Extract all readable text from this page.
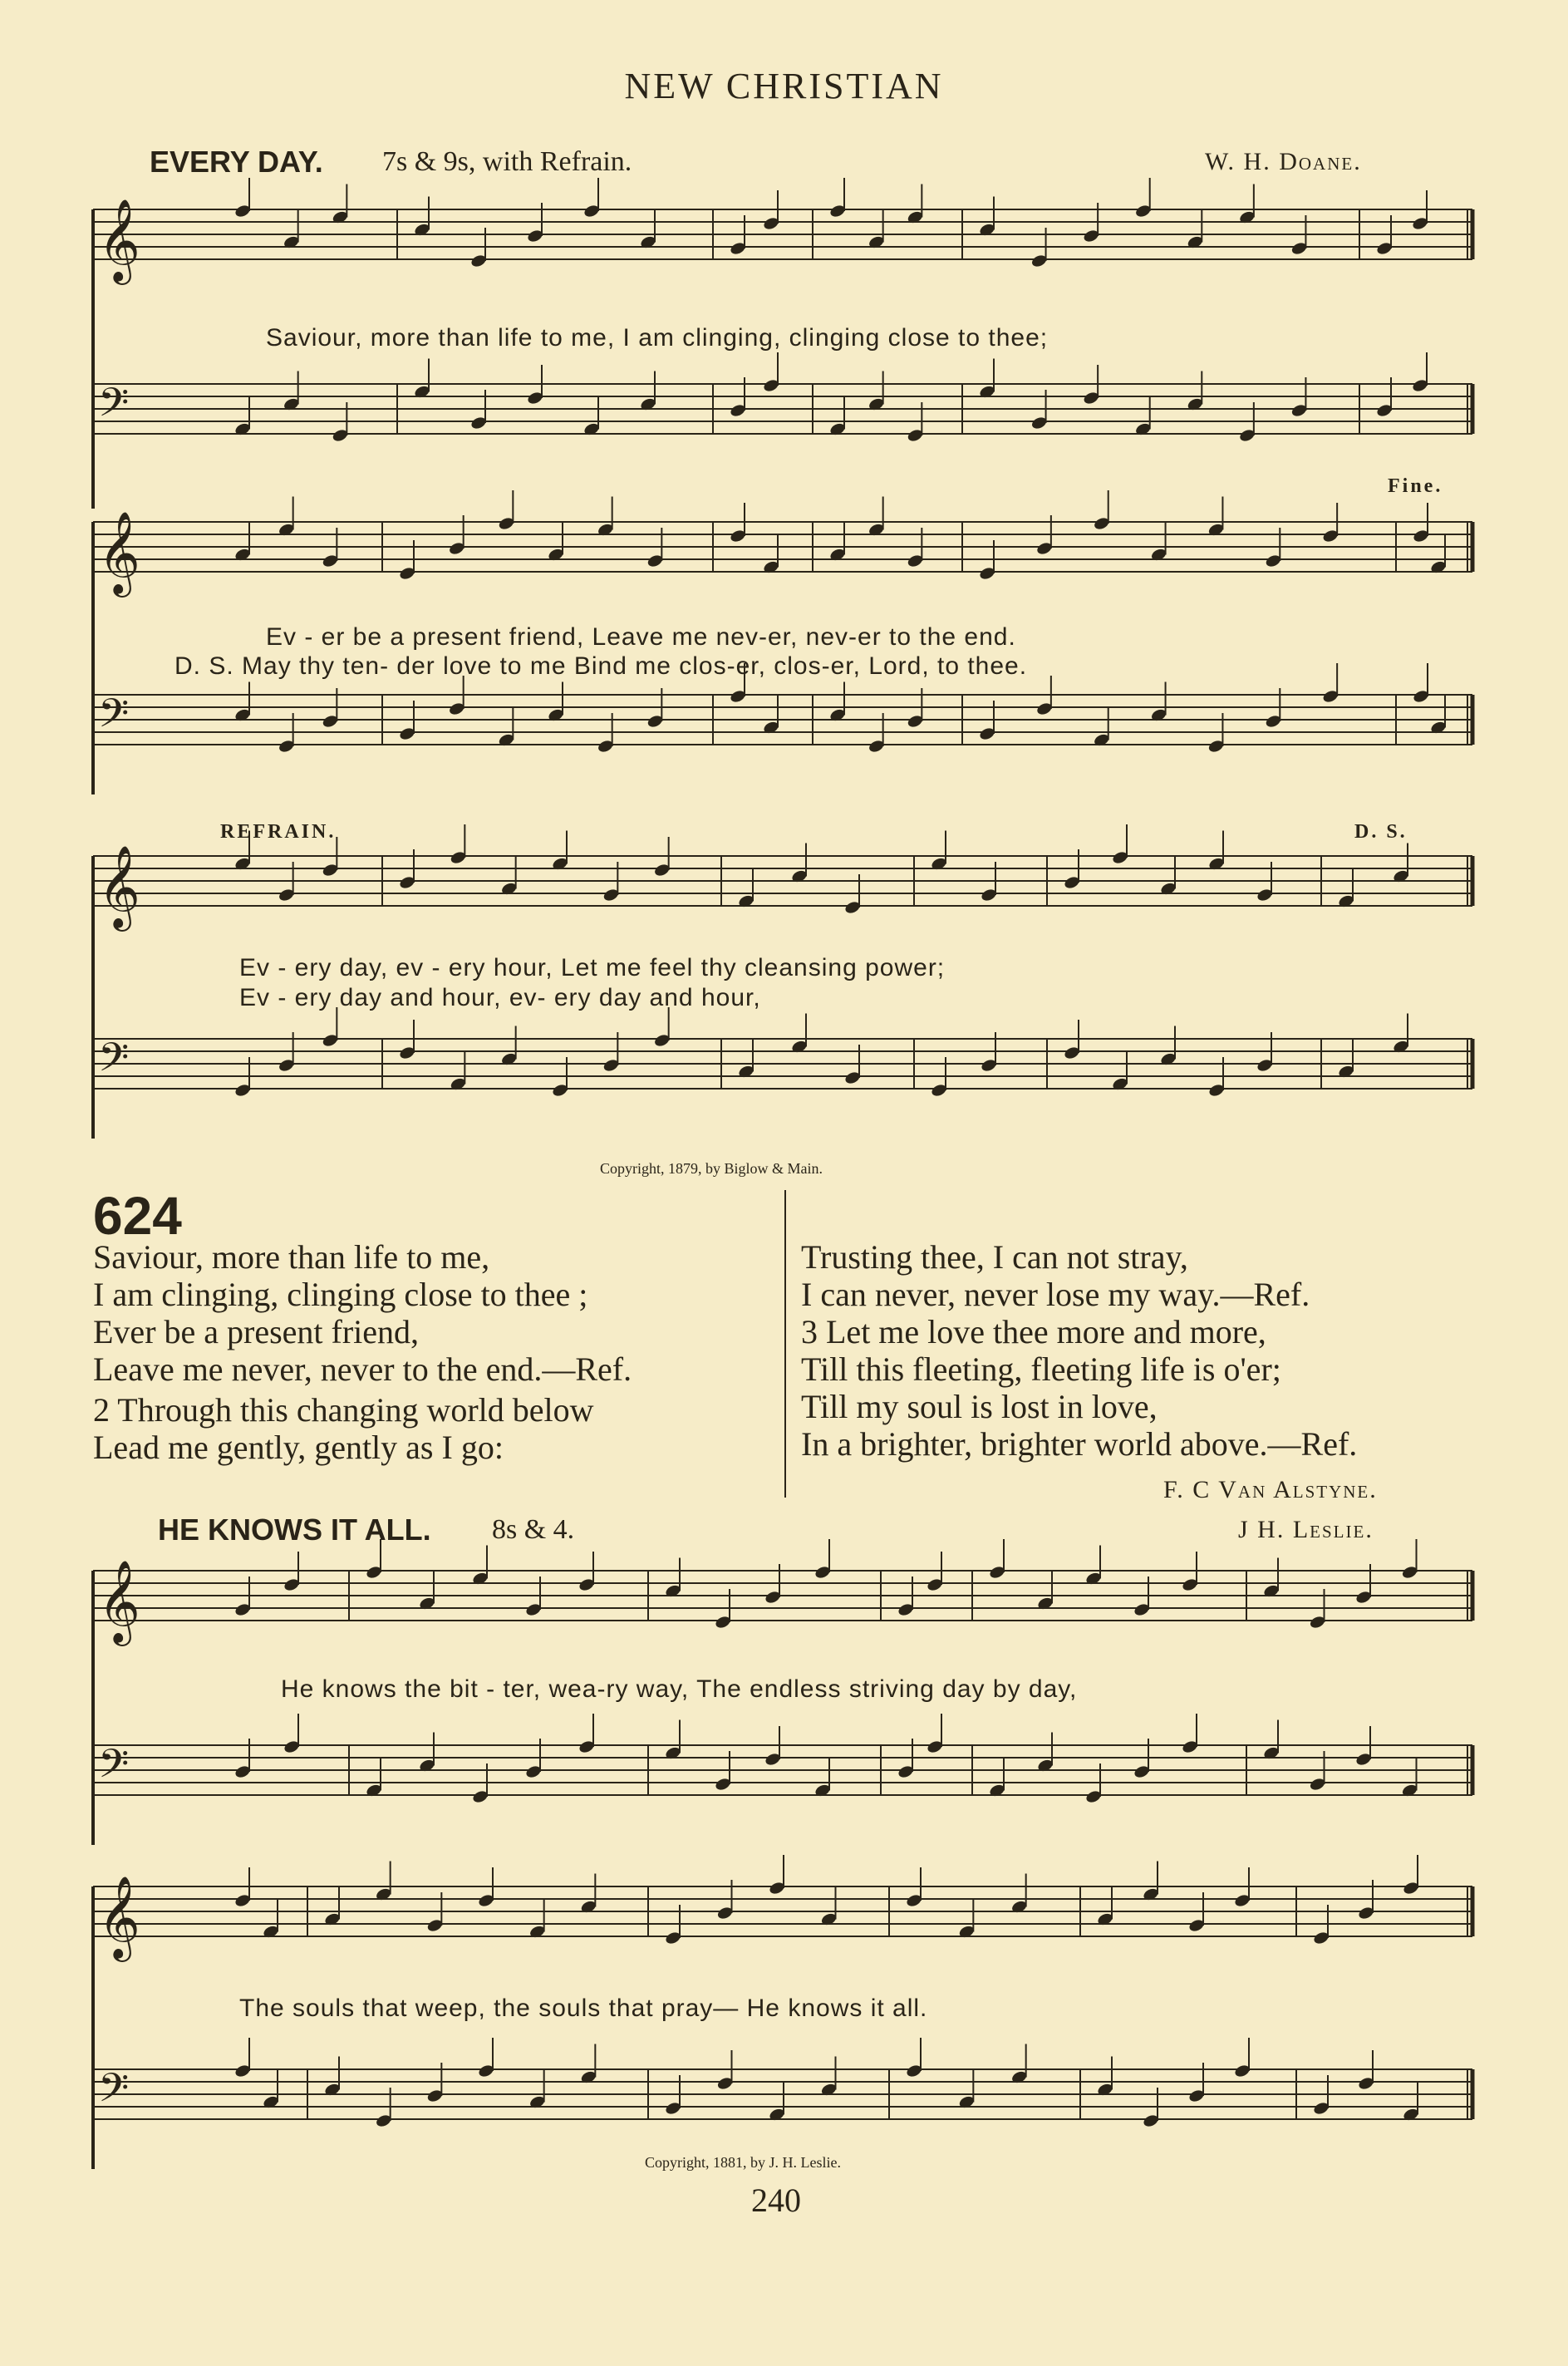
NEW CHRISTIAN
𝄞
𝄢
𝄞
𝄢
𝄞
𝄢
𝄞
𝄢
𝄞
𝄢
EVERY DAY. 7s & 9s, with Refrain.	W. H. Doane.
Saviour, more than life to me, I am clinging, clinging close to thee;
Fine.
Ev - er be a present friend, Leave me nev-er, nev-er to the end.
D. S. May thy ten- der love to me Bind me clos-er, clos-er, Lord, to thee.
REFRAIN.	D. S.
Ev - ery day, ev - ery hour, Let me feel thy cleansing power;
Ev - ery day and hour, ev- ery day and hour,
Copyright, 1879, by Biglow & Main.
624
Saviour, more than life to me,
I am clinging, clinging close to thee ;
Ever be a present friend,
Leave me never, never to the end.—Ref.
2 Through this changing world below
Lead me gently, gently as I go:
Trusting thee, I can not stray,
I can never, never lose my way.—Ref.
3 Let me love thee more and more,
Till this fleeting, fleeting life is o'er;
Till my soul is lost in love,
In a brighter, brighter world above.—Ref.
F. C Van Alstyne.
HE KNOWS IT ALL. 8s & 4.	J H. Leslie.
He knows the bit - ter, wea-ry way, The endless striving day by day,
The souls that weep, the souls that pray— He knows it all.
Copyright, 1881, by J. H. Leslie.
240
